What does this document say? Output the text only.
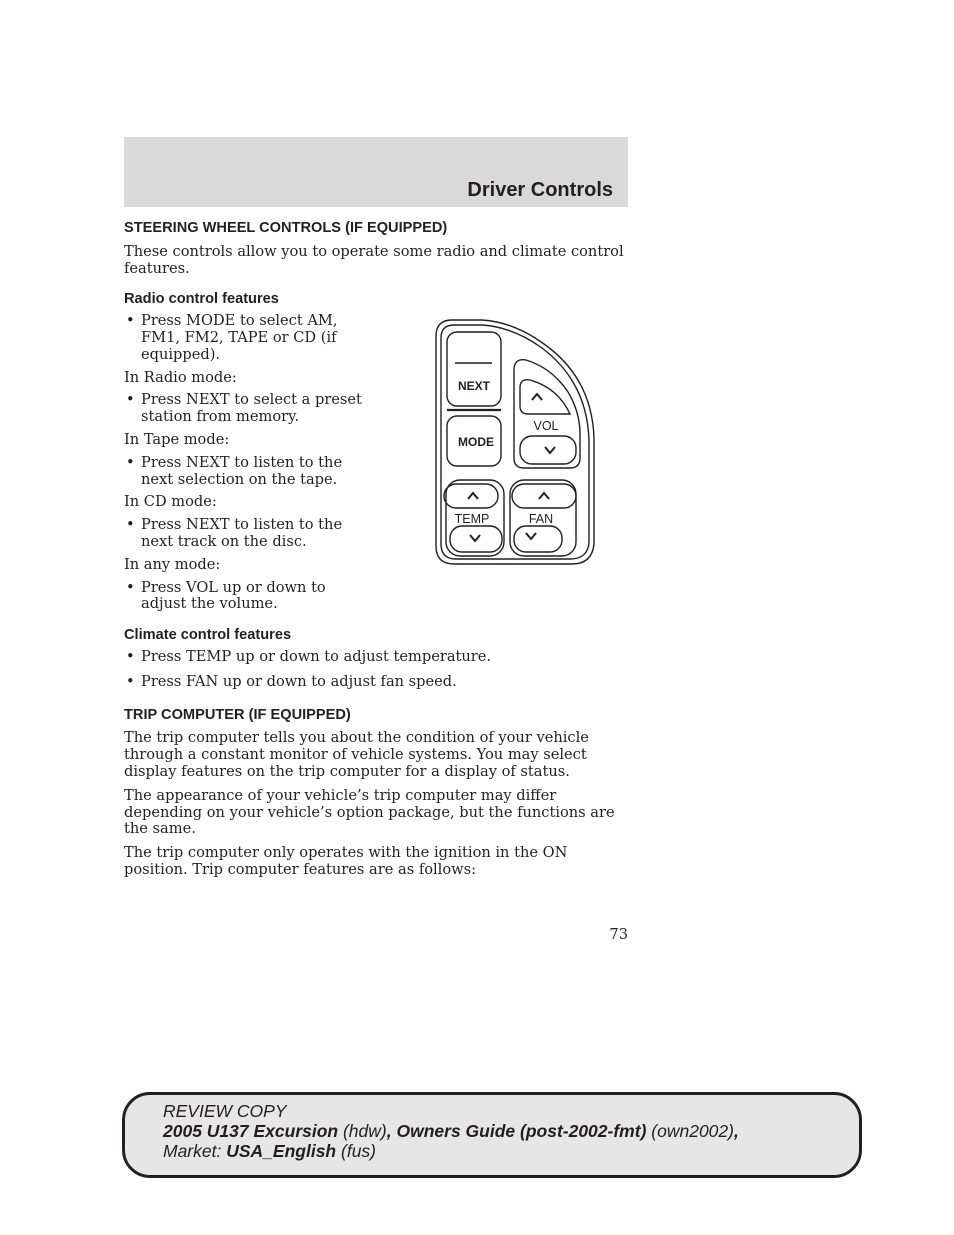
Driver Controls
STEERING WHEEL CONTROLS (IF EQUIPPED)

These controls allow you to operate some radio and climate control features.

Radio control features
• Press MODE to select AM, FM1, FM2, TAPE or CD (if equipped).

In Radio mode:

• Press NEXT to select a preset station from memory.

In Tape mode:

• Press NEXT to listen to the next selection on the tape.

In CD mode:

• Press NEXT to listen to the next track on the disc.

In any mode:

• Press VOL up or down to adjust the volume.
Climate control features
• Press TEMP up or down to adjust temperature.
• Press FAN up or down to adjust fan speed.
TRIP COMPUTER (IF EQUIPPED)

The trip computer tells you about the condition of your vehicle through a constant monitor of vehicle systems. You may select display features on the trip computer for a display of status.

The appearance of your vehicle’s trip computer may differ depending on your vehicle’s option package, but the functions are the same.

The trip computer only operates with the ignition in the ON position. Trip computer features are as follows:

NEXT
MODE
VOL
TEMP	FAN
73
REVIEW COPY
2005 U137 Excursion (hdw), Owners Guide (post-2002-fmt) (own2002),
Market: USA_English (fus)
